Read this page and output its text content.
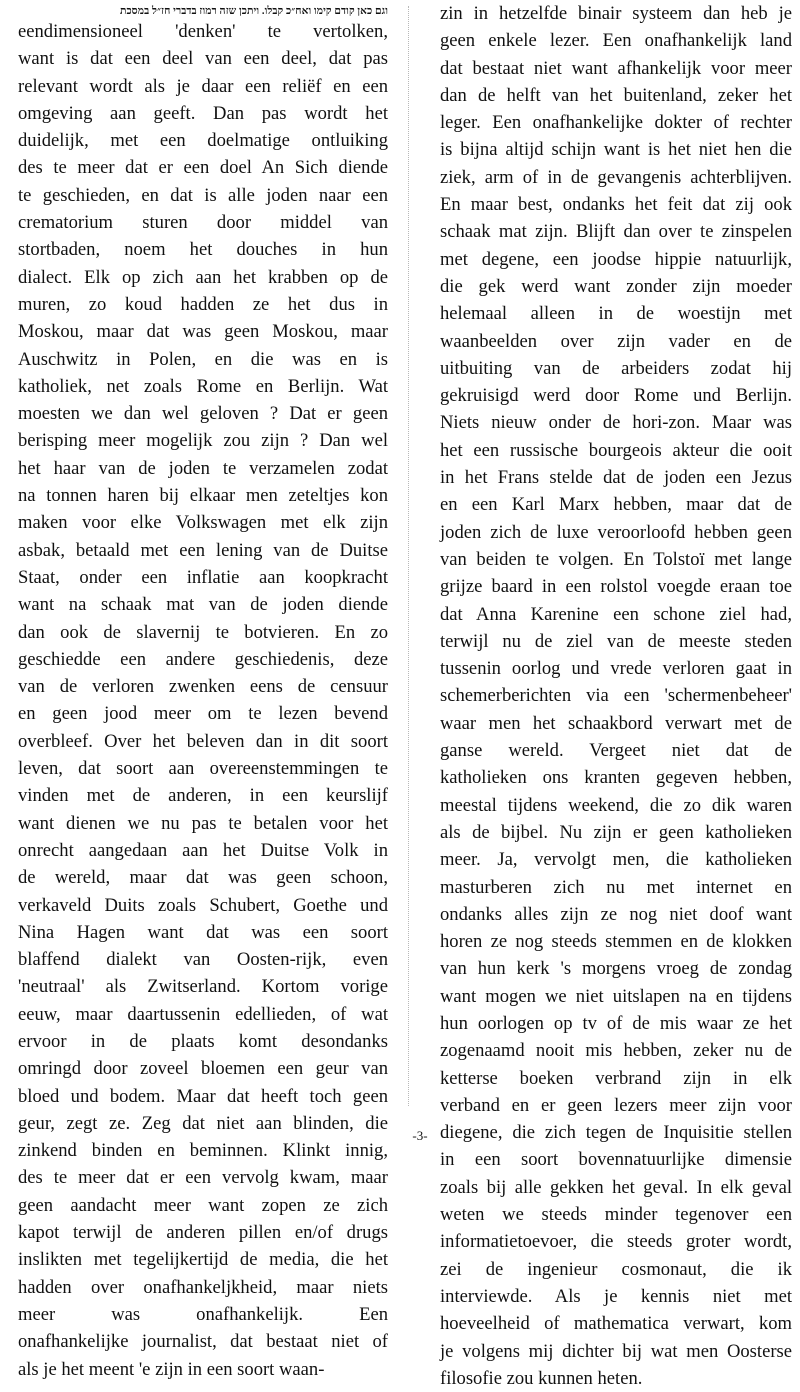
וגם כאן קודם קימו ואח״כ קבלו. ויתכן שזה רמוז בדברי חז״ל במסכת
eendimensioneel 'denken' te vertolken,
want is dat een deel van een deel, dat pas
relevant wordt als je daar een reliëf en een
omgeving aan geeft. Dan pas wordt het
duidelijk, met een doelmatige ontluiking
des te meer dat er een doel An Sich diende
te geschieden, en dat is alle joden naar een
crematorium sturen door middel van
stortbaden, noem het douches in hun
dialect. Elk op zich aan het krabben op de
muren, zo koud hadden ze het dus in
Moskou, maar dat was geen Moskou, maar
Auschwitz in Polen, en die was en is
katholiek, net zoals Rome en Berlijn. Wat
moesten we dan wel geloven ? Dat er geen
berisping meer mogelijk zou zijn ? Dan wel
het haar van de joden te verzamelen zodat
na tonnen haren bij elkaar men zeteltjes kon
maken voor elke Volkswagen met elk zijn
asbak, betaald met een lening van de Duitse
Staat, onder een inflatie aan koopkracht
want na schaak mat van de joden diende
dan ook de slavernij te botvieren. En zo
geschiedde een andere geschiedenis, deze
van de verloren zwenken eens de censuur
en geen jood meer om te lezen bevend
overbleef. Over het beleven dan in dit soort
leven, dat soort aan overeenstemmingen te
vinden met de anderen, in een keurslijf
want dienen we nu pas te betalen voor het
onrecht aangedaan aan het Duitse Volk in
de wereld, maar dat was geen schoon,
verkaveld Duits zoals Schubert, Goethe und
Nina Hagen want dat was een soort
blaffend dialekt van Oosten-rijk, even
'neutraal' als Zwitserland. Kortom vorige
eeuw, maar daartussenin edellieden, of wat
ervoor in de plaats komt desondanks
omringd door zoveel bloemen een geur van
bloed und bodem. Maar dat heeft toch geen
geur, zegt ze. Zeg dat niet aan blinden, die
zinkend binden en beminnen. Klinkt innig,
des te meer dat er een vervolg kwam, maar
geen aandacht meer want zopen ze zich
kapot terwijl de anderen pillen en/of drugs
inslikten met tegelijkertijd de media, die het
hadden over onafhankeljkheid, maar niets
meer was onafhankelijk. Een
onafhankelijke journalist, dat bestaat niet of
als je het meent 'e zijn in een soort waan-
zin in hetzelfde binair systeem dan heb je
geen enkele lezer. Een onafhankelijk land
dat bestaat niet want afhankelijk voor meer
dan de helft van het buitenland, zeker het
leger. Een onafhankelijke dokter of rechter
is bijna altijd schijn want is het niet hen die
ziek, arm of in de gevangenis achterblijven.
En maar best, ondanks het feit dat zij ook
schaak mat zijn. Blijft dan over te zinspelen
met degene, een joodse hippie natuurlijk,
die gek werd want zonder zijn moeder
helemaal alleen in de woestijn met
waanbeelden over zijn vader en de
uitbuiting van de arbeiders zodat hij
gekruisigd werd door Rome und Berlijn.
Niets nieuw onder de hori-zon. Maar was
het een russische bourgeois akteur die ooit
in het Frans stelde dat de joden een Jezus
en een Karl Marx hebben, maar dat de
joden zich de luxe veroorloofd hebben geen
van beiden te volgen. En Tolstoï met lange
grijze baard in een rolstol voegde eraan toe
dat Anna Karenine een schone ziel had,
terwijl nu de ziel van de meeste steden
tussenin oorlog und vrede verloren gaat in
schemerberichten via een 'schermenbeheer'
waar men het schaakbord verwart met de
ganse wereld. Vergeet niet dat de
katholieken ons kranten gegeven hebben,
meestal tijdens weekend, die zo dik waren
als de bijbel. Nu zijn er geen katholieken
meer. Ja, vervolgt men, die katholieken
masturberen zich nu met internet en
ondanks alles zijn ze nog niet doof want
horen ze nog steeds stemmen en de klokken
van hun kerk 's morgens vroeg de zondag
want mogen we niet uitslapen na en tijdens
hun oorlogen op tv of de mis waar ze het
zogenaamd nooit mis hebben, zeker nu de
ketterse boeken verbrand zijn in elk
verband en er geen lezers meer zijn voor
diegene, die zich tegen de Inquisitie stellen
in een soort bovennatuurlijke dimensie
zoals bij alle gekken het geval. In elk geval
weten we steeds minder tegenover een
informatietoevoer, die steeds groter wordt,
zei de ingenieur cosmonaut, die ik
interviewde. Als je kennis niet met
hoeveelheid of mathematica verwart, kom
je volgens mij dichter bij wat men Oosterse
filosofie zou kunnen heten.
-3-
